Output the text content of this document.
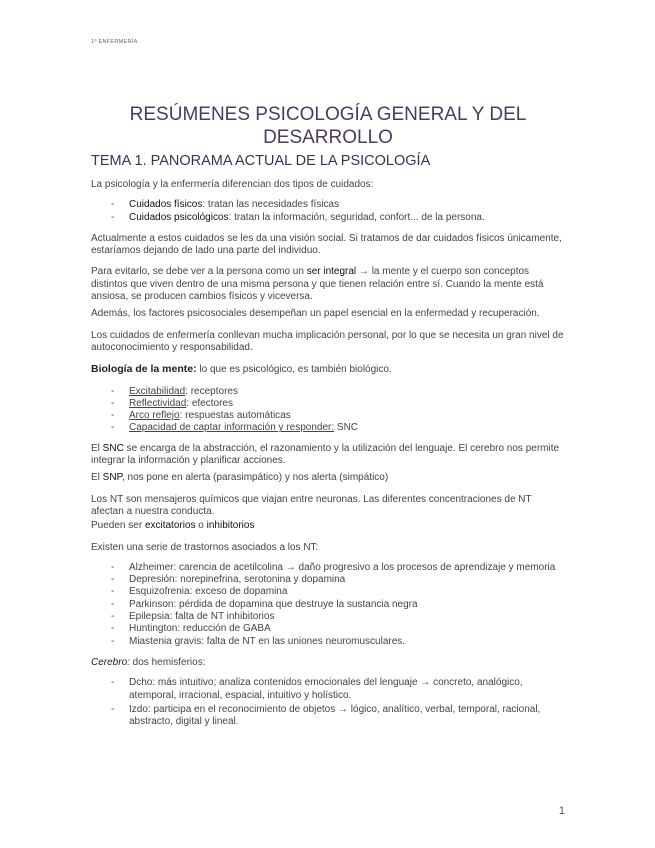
1º ENFERMERÍA
RESÚMENES PSICOLOGÍA GENERAL Y DEL DESARROLLO
TEMA 1. PANORAMA ACTUAL DE LA PSICOLOGÍA

La psicología y la enfermería diferencian dos tipos de cuidados:

- Cuidados físicos: tratan las necesidades físicas
- Cuidados psicológicos: tratan la información, seguridad, confort... de la persona.

Actualmente a estos cuidados se les da una visión social. Si tratamos de dar cuidados físicos únicamente, estaríamos dejando de lado una parte del individuo.

Para evitarlo, se debe ver a la persona como un ser integral → la mente y el cuerpo son conceptos distintos que viven dentro de una misma persona y que tienen relación entre sí. Cuando la mente está ansiosa, se producen cambios físicos y viceversa.

Además, los factores psicosociales desempeñan un papel esencial en la enfermedad y recuperación.

Los cuidados de enfermería conllevan mucha implicación personal, por lo que se necesita un gran nivel de autoconocimiento y responsabilidad.

Biología de la mente: lo que es psicológico, es también biológico.

- Excitabilidad: receptores
- Reflectividad: efectores
- Arco reflejo: respuestas automáticas
- Capacidad de captar información y responder: SNC

El SNC se encarga de la abstracción, el razonamiento y la utilización del lenguaje. El cerebro nos permite integrar la información y planificar acciones.

El SNP, nos pone en alerta (parasimpático) y nos alerta (simpático)

Los NT son mensajeros químicos que viajan entre neuronas. Las diferentes concentraciones de NT afectan a nuestra conducta.

Pueden ser excitatorios o inhibitorios

Existen una serie de trastornos asociados a los NT:

- Alzheimer: carencia de acetilcolina → daño progresivo a los procesos de aprendizaje y memoria
- Depresión: norepinefrina, serotonina y dopamina
- Esquizofrenia: exceso de dopamina
- Parkinson: pérdida de dopamina que destruye la sustancia negra
- Epilepsia: falta de NT inhibitorios
- Huntington: reducción de GABA
- Miastenia gravis: falta de NT en las uniones neuromusculares.

Cerebro: dos hemisferios:

- Dcho: más intuitivo; analiza contenidos emocionales del lenguaje → concreto, analógico, atemporal, irracional, espacial, intuitivo y holístico.
- Izdo: participa en el reconocimiento de objetos → lógico, analítico, verbal, temporal, racional, abstracto, digital y lineal.
1
